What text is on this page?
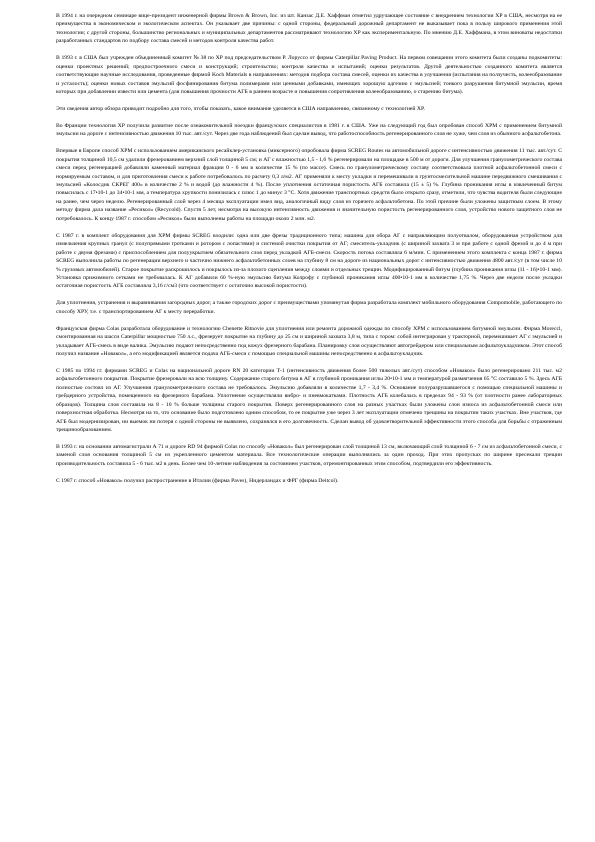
В 1994 г. на очередном семинаре вице-президент инженерной фирмы Brown & Brown, Inc. из шт. Канзас Д.Е. Хаффман отметил удручающее состояние с внедрением технологии ХР в США, несмотря на ее преимущества в экономическом и экологическом аспектах. Он указывает две причины: с одной стороны, федеральный дорожный департамент не выказывает пока в пользу широкого применения этой технологии; с другой стороны, большинство региональных и муниципальных департаментов рассматривают технологию ХР как экспериментальную. По мнению Д.Е. Хаффмана, в этом виноваты недостатки разработанных стандартов по подбору состава смесей и методов контроля качества работ.

В 1993 г. в США был учрежден объединенный комитет № 38 по ХР под председательством Р. Лоруссо от фирмы Caterpillar Paving Product. На первом совещании этого комитета были созданы подкомитеты: оценки проектных решений; предпостроечного смеси и конструкций; строительство; контроля качества и испытаний; оценки результатов. Другой деятельностью созданного комитета является соответствующие научные исследования, проведенные фирмой Koch Materials в направлениях: методов подбора состава смесей, оценки их качества в улучшения (испытания на ползучесть, колееобразование и усталость); оценки новых составов эмульсий фосфинирования битума полимерами или ценными добавками, имеющих хорошую адгезию с эмульсией; тонкого разрушения битумной эмульсии, время которых при добавлении извести или цемента (для повышения прочности АГБ в раннем возрасте и повышения сопротивления колееобразованию, о старению битума).

Эти сведения автор обзора приводит подробно для того, чтобы показать, какое внимание уделяется в США направлению, связанному с технологией ХР.

Во Франции технология ХР получила развитие после ознакомительной поездки французских специалистов в 1981 г. в США. Уже на следующий год был опробован способ ХРМ с применением битумной эмульсии на дороге с интенсивностью движения 10 тыс. авт./сут. Через две года наблюдений был сделан вывод, что работоспособность регенерированного слоя не хуже, чем слоя из обычного асфальтобетона.

Впервые в Европе способ ХРМ с использованием американского ресайклер-установка (миксерного) опробовала фирма SCREG Routes на автомобильной дороге с интенсивностью движения 11 тыс. авт./сут. С покрытия толщиной 10,5 см удалили фрезерованием верхний слой толщиной 5 см; и АГ с влажностью 1,5 - 1,6 % регенерировали на площадке в 500 м от дороги. Для улучшения гранулометрического состава смеси перед регенерацией добавляли каменный материал фракции 0 - 6 мм в количестве 15 % (по массе). Смесь по гранулометрическому составу соответствовала плотной асфальтобетонной смеси с нормируемым составом, и для приготовления смеси к работе потребовалось по расчету 0,3 л/м2. АГ применяли к месту укладки и перемешивали в грунтосмесительной машине передвижного смешивания с эмульсией «Колосдик СКРЕГ 400» в количестве 2 % и водой (до влажности 4 %). После уплотнения остаточная пористость АГБ составила (15 ± 5) %. Глубина проникания иглы в извлеченный битум повысилась с 17•10-1 до 34•10-1 мм, а температура хрупкости понизилась с плюс 1 до минус 3 °С. Хотя движение транспортных средств было открыто сразу, отметили, что чувства водителя были следующие на ранее, чем через неделю. Регенерированный слой через 4 месяца эксплуатации имел вид, аналогичный виду слоя из горячего асфальтобетона. По этой причине были уложены защитным слоем. В этому методу фирма дала название «Ресикол» (Recycold). Спустя 5 лет, несмотря на высокую интенсивность движения и значительную пористость регенерированного слоя, устройство нового защитного слоя не потребовалось. К концу 1987 г. способом «Ресикол» были выполнены работы на площади около 2 млн. м2.

С 1987 г. в комплект оборудования для ХРМ фирмы SCREG входили: одна или две фрезы традиционного типа; машина для обора АГ с направляющим полуотвалом, оборудованная устройством для измельчения крупных гранул (с полупрямыми гротками и ротором с лопастями) и системой очистки покрытия от АГ; смеситель-укладчик (с шириной захвата 3 м при работе с одной фрезой и до 4 м при работе с двумя фрезами) с приспособлением для полуукрытием обязательного слоя перед укладкой АГБ-смеси. Скорость потока составляла 6 м/мин. С применением этого комплекта с конца 1987 г. фирма SCREG выполнила работы по регенерации верхнего и частично нижнего асфальтобетонных слоев на глубину 8 см на дороге из национальных дорог с интенсивностью движения 4800 авт./сут (в том числе 10 % грузовых автомобилей). Старое покрытие раскрошилось и покрылось из-за плохого сцепления между слоями и отдельных трещин. Модифицированный битум (глубина проникания иглы (11 - 16)•10-1 мм). Установка прижимного сетками не требовалась. К АГ добавили 60 %-ную эмульсию битума Колрофу с глубиной проникания иглы 400•10-1 мм в количестве 1,75 %. Через две недели после укладки остаточная пористость АГБ составляла 3,16 г/см3 (что соответствует с остаточно высокой пористости).

Для уплотнения, устранения и выравнивания загородных дорог, а также городских дорог с преимуществами упомянутая фирма разработала комплект мобильного оборудования Compomobile, работающего по способу ХРУ, т.е. с транспортированием АГ к месту переработки.

Французская фирма Colas разработала оборудование и технологию Chenette Ritnovie для уплотнения или ремонта дорожной одежды по способу ХРМ с использованием битумной эмульсии. Фирма Moreccl, смонтированная на шасси Caterpillar мощностью 750 л.с., фрезерует покрытие на глубину до 25 см и шириной захвата 3,8 м, типа с тором: собой интегрирован у тракторной, перемешивает АГ с эмульсией и укладывает АГБ-смесь в виде валика. Эмульсию подают непосредственно под кожух фрезерного барабана. Планировку слоя осуществляют автогрейдером или специальным асфальтоукладчиком. Этот способ получил название «Новакол», а его модификацией является подача АГБ-смеси с помощью специальной машины непосредственно в асфальтоукладчик.

С 1985 по 1994 гг. фирмами SCREG и Colas на национальной дороге RN 20 категории Т-1 (интенсивность движения более 500 тяжелых авт./сут) способом «Новакол» было регенерировано 211 тыс. м2 асфальтобетонного покрытия. Покрытие фрезеровали на всю толщину. Содержание старого битума в АГ в глубиной проникания иглы 20•10-1 мм и температурой размягчения 65 °С составило 5 %. Здесь АГБ полностью состоял из АГ. Улучшения гранулометрического состава не требовалось. Эмульсию добавляли в количестве 1,7 - 3,4 %. Основание полуразрушавшегося с помощью специальной машины и грейдерного устройства, помещенного на фрезерного барабана. Уплотнение осуществляли вибро- и пневмокатками. Плотность АГБ колебалась в пределах 94 - 93 % (от плотности ранее лабораторных образцов). Толщина слоя составила на 8 - 10 % больше толщины старого покрытия. Поверх регенерированного слоя на разных участках были уложены слои износа из асфальтобетонной смеси или поверхностная обработка. Несмотря на то, что основание было подготовлено одним способом, то ее покрытие уже через 3 лет эксплуатации отмечено трещины на покрытии таких участках. Вне участков, где АГБ был модернизирован, ни выемок ни потеря с одной стороны не выявлено, сохранялся и его долговечность. Сделан вывод об удовлетворительной эффективности этого способа для борьбы с отраженным трещинообразованием.

В 1993 г. на основании автомагистрали А 71 и дороге RD 94 фирмой Colas по способу «Новакол» был регенерирован слой толщиной 13 см, включающий слой толщиной 6 - 7 см из асфальтобетонной смеси, с заменой слоя основания толщиной 5 см из укрепленного цементом материала. Все технологические операции выполнялись за один проход. При этих пропусках по ширине пресекали трещин производительность составила 5 - 6 тыс. м2 в день. Более чем 10-летние наблюдения за состоянием участков, отремонтированных этим способом, подтвердили его эффективность.

С 1987 г. способ «Новакол» получил распространение в Италии (фирма Paves), Нидерландах и ФРГ (фирма Deitcol).
